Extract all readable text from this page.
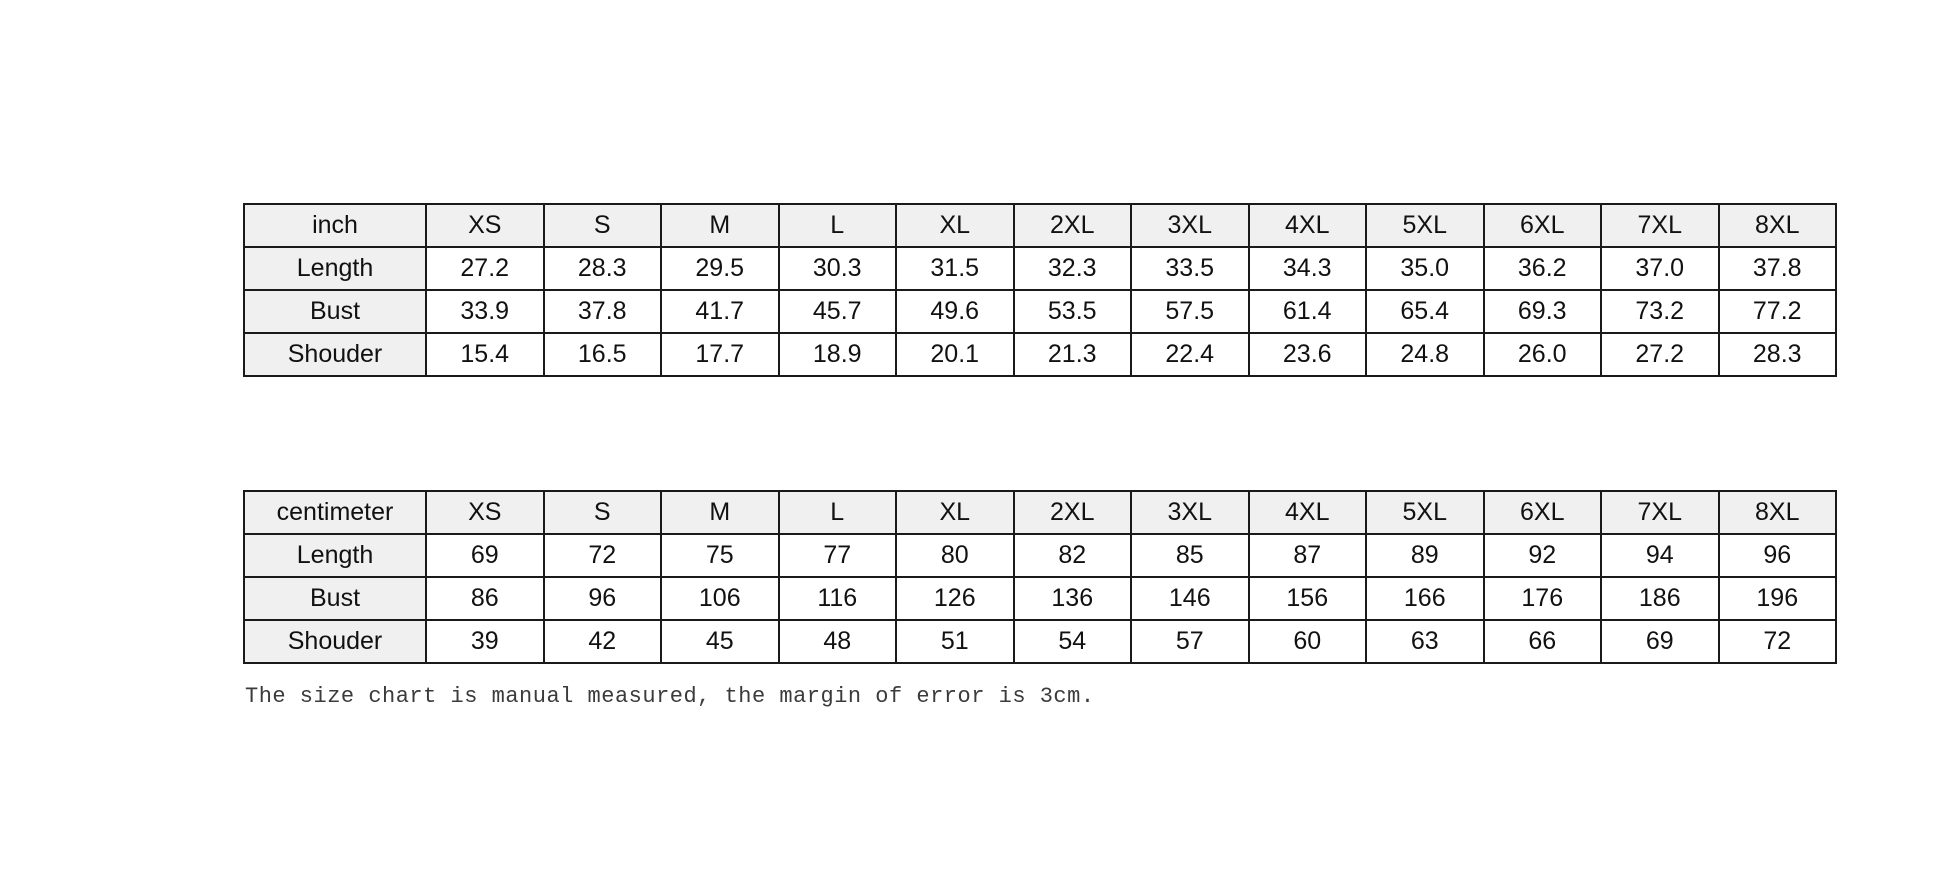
inch	XS	S	M	L	XL	2XL	3XL	4XL	5XL	6XL	7XL	8XL
Length	27.2	28.3	29.5	30.3	31.5	32.3	33.5	34.3	35.0	36.2	37.0	37.8
Bust	33.9	37.8	41.7	45.7	49.6	53.5	57.5	61.4	65.4	69.3	73.2	77.2
Shouder	15.4	16.5	17.7	18.9	20.1	21.3	22.4	23.6	24.8	26.0	27.2	28.3
centimeter	XS	S	M	L	XL	2XL	3XL	4XL	5XL	6XL	7XL	8XL
Length	69	72	75	77	80	82	85	87	89	92	94	96
Bust	86	96	106	116	126	136	146	156	166	176	186	196
Shouder	39	42	45	48	51	54	57	60	63	66	69	72
The size chart is manual measured, the margin of error is 3cm.
